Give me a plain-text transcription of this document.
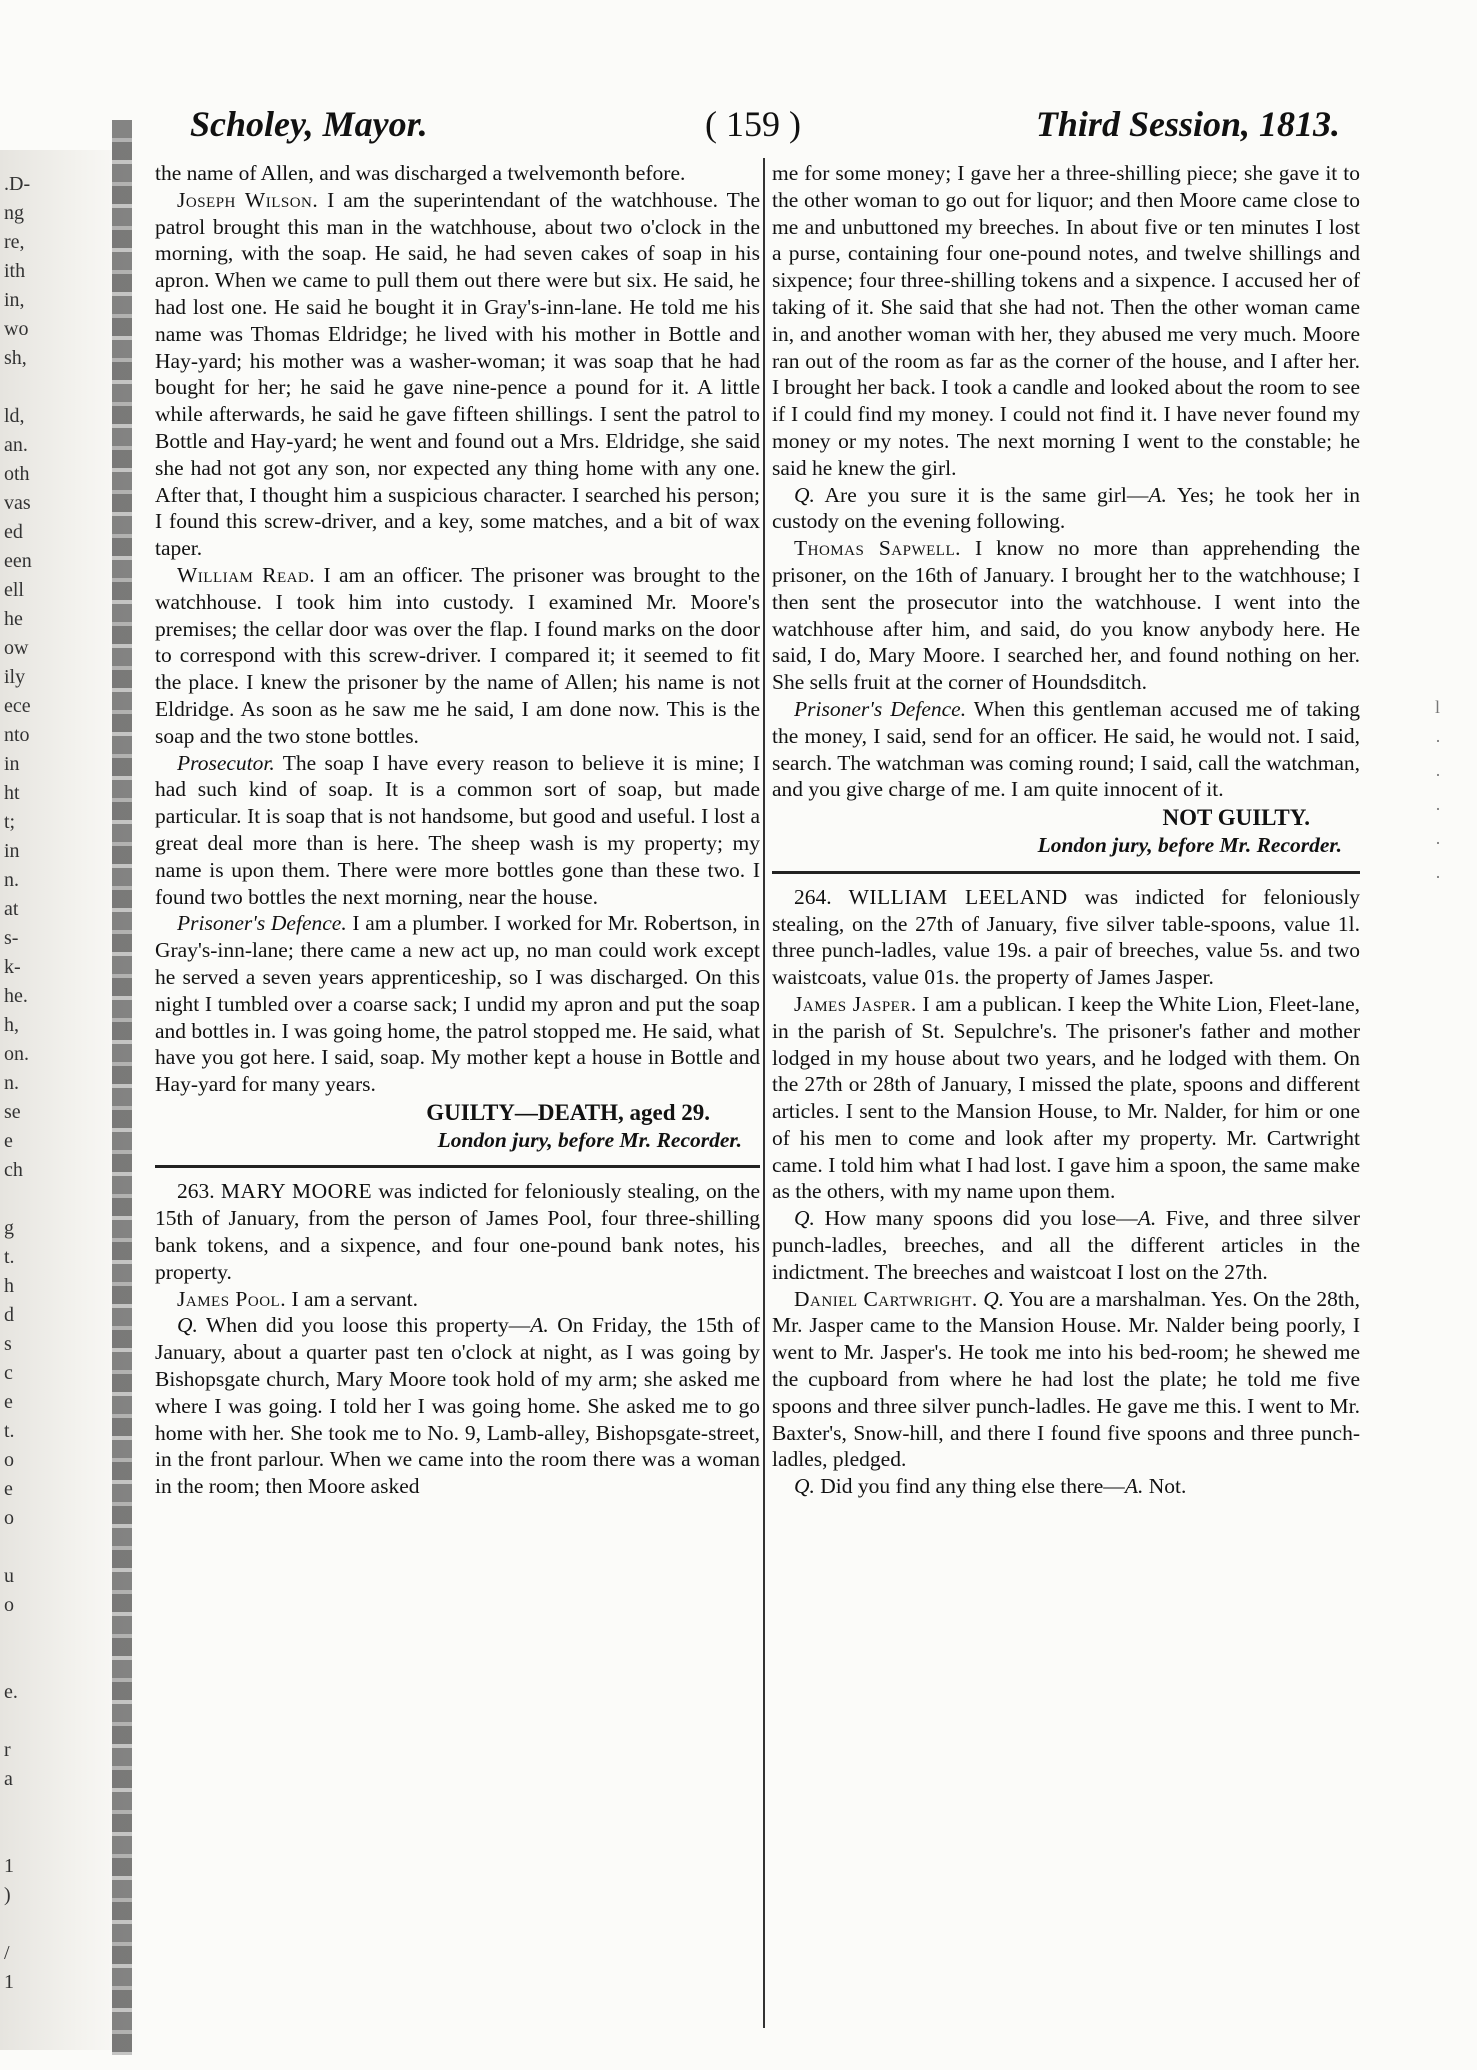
.D-
ng
re,
ith
in,
wo
sh,
ld,
an.
oth
vas
ed
een
ell
he
ow
ily
ece
nto
in
ht
t;
in
n.
at
s-
k-
he.
h,
on.
n.
se
e
ch
g
t.
h
d
s
c
e
t.
o
e
o
u
o
e.
r
a
1
)
/
1
l
·
·
·
·
·
Scholey, Mayor.	( 159 )	Third Session, 1813.

the name of Allen, and was discharged a twelvemonth before.

Joseph Wilson. I am the superintendant of the watchhouse. The patrol brought this man in the watchhouse, about two o'clock in the morning, with the soap. He said, he had seven cakes of soap in his apron. When we came to pull them out there were but six. He said, he had lost one. He said he bought it in Gray's-inn-lane. He told me his name was Thomas Eldridge; he lived with his mother in Bottle and Hay-yard; his mother was a washer-woman; it was soap that he had bought for her; he said he gave nine-pence a pound for it. A little while afterwards, he said he gave fifteen shillings. I sent the patrol to Bottle and Hay-yard; he went and found out a Mrs. Eldridge, she said she had not got any son, nor expected any thing home with any one. After that, I thought him a suspicious character. I searched his person; I found this screw-driver, and a key, some matches, and a bit of wax taper.

William Read. I am an officer. The prisoner was brought to the watchhouse. I took him into custody. I examined Mr. Moore's premises; the cellar door was over the flap. I found marks on the door to correspond with this screw-driver. I compared it; it seemed to fit the place. I knew the prisoner by the name of Allen; his name is not Eldridge. As soon as he saw me he said, I am done now. This is the soap and the two stone bottles.

Prosecutor. The soap I have every reason to believe it is mine; I had such kind of soap. It is a common sort of soap, but made particular. It is soap that is not handsome, but good and useful. I lost a great deal more than is here. The sheep wash is my property; my name is upon them. There were more bottles gone than these two. I found two bottles the next morning, near the house.

Prisoner's Defence. I am a plumber. I worked for Mr. Robertson, in Gray's-inn-lane; there came a new act up, no man could work except he served a seven years apprenticeship, so I was discharged. On this night I tumbled over a coarse sack; I undid my apron and put the soap and bottles in. I was going home, the patrol stopped me. He said, what have you got here. I said, soap. My mother kept a house in Bottle and Hay-yard for many years.

GUILTY—DEATH, aged 29.
London jury, before Mr. Recorder.

263. MARY MOORE was indicted for feloniously stealing, on the 15th of January, from the person of James Pool, four three-shilling bank tokens, and a sixpence, and four one-pound bank notes, his property.

James Pool. I am a servant.

Q. When did you loose this property—A. On Friday, the 15th of January, about a quarter past ten o'clock at night, as I was going by Bishopsgate church, Mary Moore took hold of my arm; she asked me where I was going. I told her I was going home. She asked me to go home with her. She took me to No. 9, Lamb-alley, Bishopsgate-street, in the front parlour. When we came into the room there was a woman in the room; then Moore asked

me for some money; I gave her a three-shilling piece; she gave it to the other woman to go out for liquor; and then Moore came close to me and unbuttoned my breeches. In about five or ten minutes I lost a purse, containing four one-pound notes, and twelve shillings and sixpence; four three-shilling tokens and a sixpence. I accused her of taking of it. She said that she had not. Then the other woman came in, and another woman with her, they abused me very much. Moore ran out of the room as far as the corner of the house, and I after her. I brought her back. I took a candle and looked about the room to see if I could find my money. I could not find it. I have never found my money or my notes. The next morning I went to the constable; he said he knew the girl.

Q. Are you sure it is the same girl—A. Yes; he took her in custody on the evening following.

Thomas Sapwell. I know no more than apprehending the prisoner, on the 16th of January. I brought her to the watchhouse; I then sent the prosecutor into the watchhouse. I went into the watchhouse after him, and said, do you know anybody here. He said, I do, Mary Moore. I searched her, and found nothing on her. She sells fruit at the corner of Houndsditch.

Prisoner's Defence. When this gentleman accused me of taking the money, I said, send for an officer. He said, he would not. I said, search. The watchman was coming round; I said, call the watchman, and you give charge of me. I am quite innocent of it.

NOT GUILTY.
London jury, before Mr. Recorder.

264. WILLIAM LEELAND was indicted for feloniously stealing, on the 27th of January, five silver table-spoons, value 1l. three punch-ladles, value 19s. a pair of breeches, value 5s. and two waistcoats, value 01s. the property of James Jasper.

James Jasper. I am a publican. I keep the White Lion, Fleet-lane, in the parish of St. Sepulchre's. The prisoner's father and mother lodged in my house about two years, and he lodged with them. On the 27th or 28th of January, I missed the plate, spoons and different articles. I sent to the Mansion House, to Mr. Nalder, for him or one of his men to come and look after my property. Mr. Cartwright came. I told him what I had lost. I gave him a spoon, the same make as the others, with my name upon them.

Q. How many spoons did you lose—A. Five, and three silver punch-ladles, breeches, and all the different articles in the indictment. The breeches and waistcoat I lost on the 27th.

Daniel Cartwright. Q. You are a marshalman. Yes. On the 28th, Mr. Jasper came to the Mansion House. Mr. Nalder being poorly, I went to Mr. Jasper's. He took me into his bed-room; he shewed me the cupboard from where he had lost the plate; he told me five spoons and three silver punch-ladles. He gave me this. I went to Mr. Baxter's, Snow-hill, and there I found five spoons and three punch-ladles, pledged.

Q. Did you find any thing else there—A. Not.
